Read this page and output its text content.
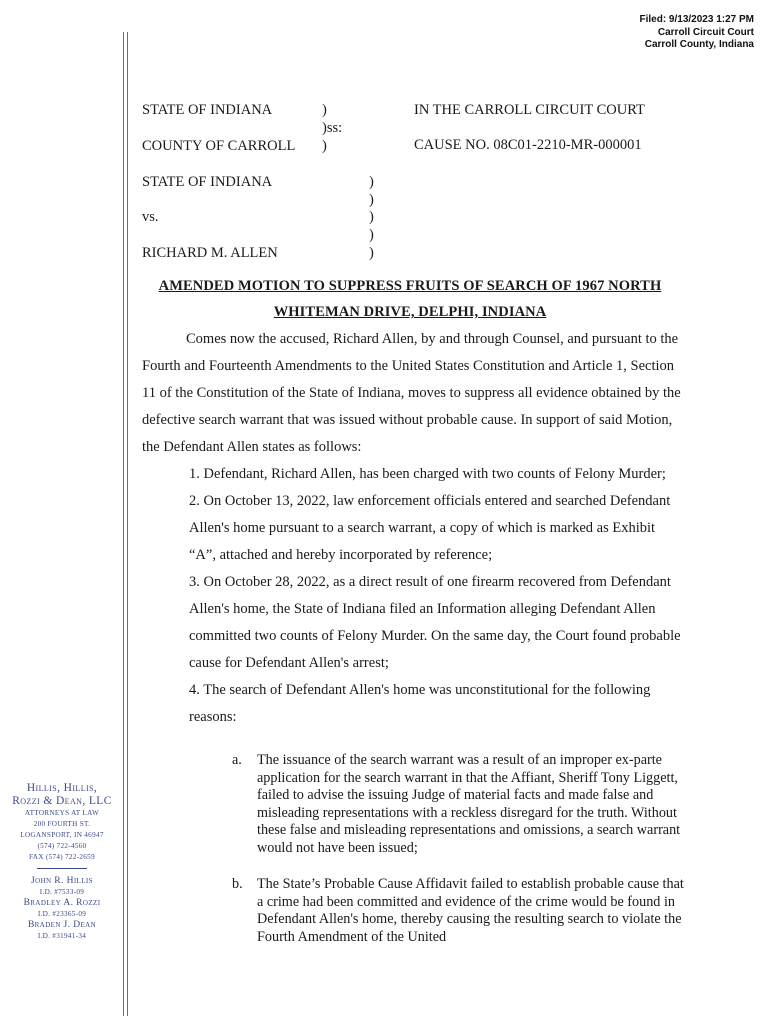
Filed: 9/13/2023 1:27 PM
Carroll Circuit Court
Carroll County, Indiana
STATE OF INDIANA	)
)ss:
COUNTY OF CARROLL )
IN THE CARROLL CIRCUIT COURT
CAUSE NO. 08C01-2210-MR-000001
STATE OF INDIANA
vs.
RICHARD M. ALLEN
)
)
)
)
)
AMENDED MOTION TO SUPPRESS FRUITS OF SEARCH OF 1967 NORTH
WHITEMAN DRIVE, DELPHI, INDIANA

Comes now the accused, Richard Allen, by and through Counsel, and pursuant to the Fourth and Fourteenth Amendments to the United States Constitution and Article 1, Section 11 of the Constitution of the State of Indiana, moves to suppress all evidence obtained by the defective search warrant that was issued without probable cause. In support of said Motion, the Defendant Allen states as follows:

1. Defendant, Richard Allen, has been charged with two counts of Felony Murder;

2. On October 13, 2022, law enforcement officials entered and searched Defendant Allen's home pursuant to a search warrant, a copy of which is marked as Exhibit “A”, attached and hereby incorporated by reference;

3. On October 28, 2022, as a direct result of one firearm recovered from Defendant Allen's home, the State of Indiana filed an Information alleging Defendant Allen committed two counts of Felony Murder. On the same day, the Court found probable cause for Defendant Allen's arrest;

4. The search of Defendant Allen's home was unconstitutional for the following reasons:

a. The issuance of the search warrant was a result of an improper ex-parte application for the search warrant in that the Affiant, Sheriff Tony Liggett, failed to advise the issuing Judge of material facts and made false and misleading representations with a reckless disregard for the truth. Without these false and misleading representations and omissions, a search warrant would not have been issued;
b. The State’s Probable Cause Affidavit failed to establish probable cause that a crime had been committed and evidence of the crime would be found in Defendant Allen's home, thereby causing the resulting search to violate the Fourth Amendment of the United
Hillis, Hillis,
Rozzi & Dean, LLC
ATTORNEYS AT LAW
200 FOURTH ST.
LOGANSPORT, IN 46947
(574) 722-4560
FAX (574) 722-2659
John R. Hillis
I.D. #7533-09
Bradley A. Rozzi
I.D. #23365-09
Braden J. Dean
I.D. #31941-34
